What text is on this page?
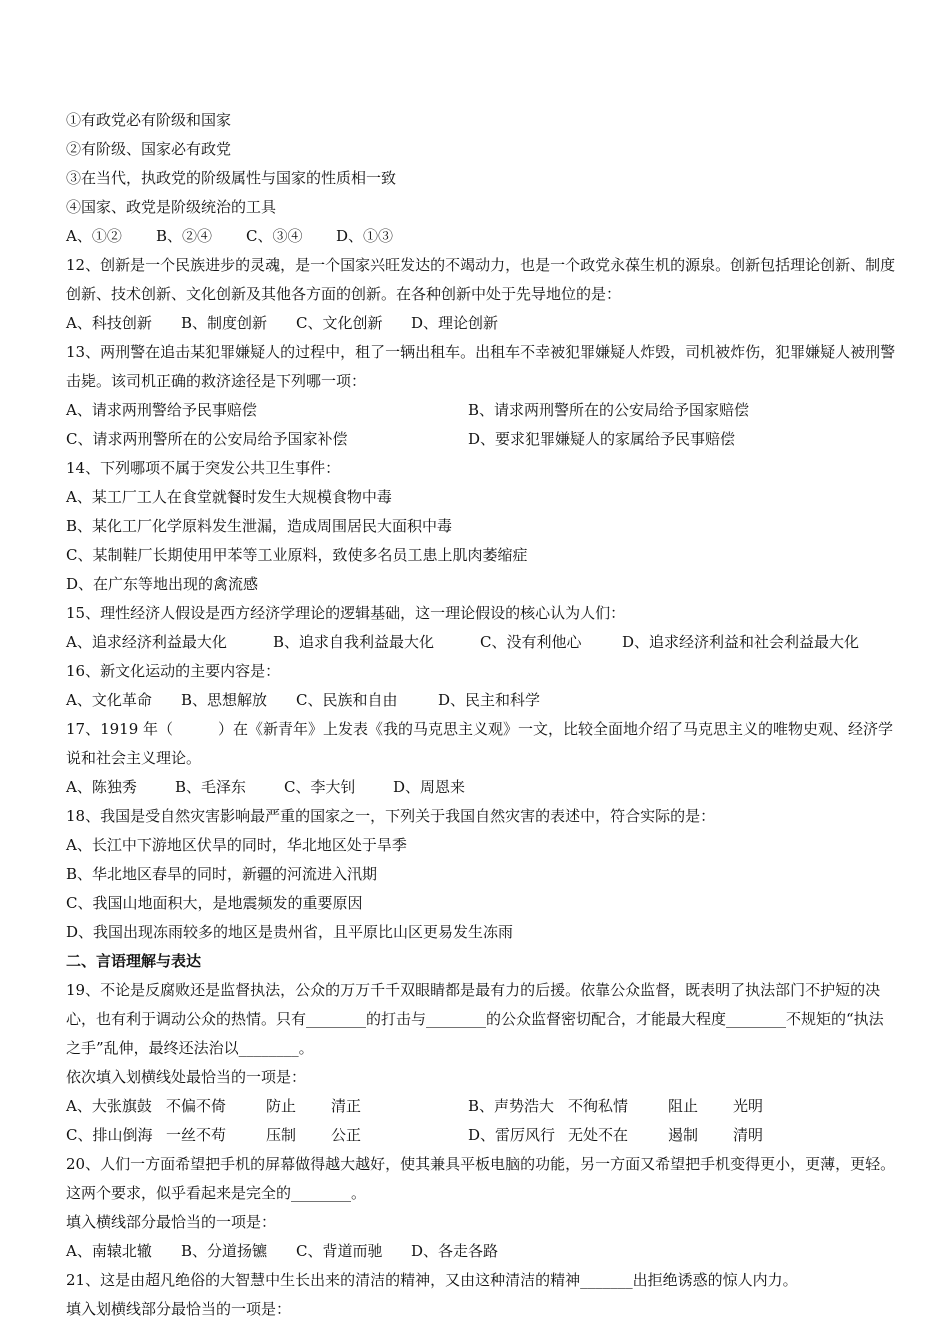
①有政党必有阶级和国家
②有阶级、国家必有政党
③在当代，执政党的阶级属性与国家的性质相一致
④国家、政党是阶级统治的工具
A、①② B、②④ C、③④ D、①③
12、创新是一个民族进步的灵魂，是一个国家兴旺发达的不竭动力，也是一个政党永葆生机的源泉。创新包括理论创新、制度创新、技术创新、文化创新及其他各方面的创新。在各种创新中处于先导地位的是：
A、科技创新 B、制度创新 C、文化创新 D、理论创新
13、两刑警在追击某犯罪嫌疑人的过程中，租了一辆出租车。出租车不幸被犯罪嫌疑人炸毁，司机被炸伤，犯罪嫌疑人被刑警击毙。该司机正确的救济途径是下列哪一项：
A、请求两刑警给予民事赔偿	B、请求两刑警所在的公安局给予国家赔偿
C、请求两刑警所在的公安局给予国家补偿	D、要求犯罪嫌疑人的家属给予民事赔偿
14、下列哪项不属于突发公共卫生事件：
A、某工厂工人在食堂就餐时发生大规模食物中毒
B、某化工厂化学原料发生泄漏，造成周围居民大面积中毒
C、某制鞋厂长期使用甲苯等工业原料，致使多名员工患上肌肉萎缩症
D、在广东等地出现的禽流感
15、理性经济人假设是西方经济学理论的逻辑基础，这一理论假设的核心认为人们：
A、追求经济利益最大化	B、追求自我利益最大化	C、没有利他心	D、追求经济利益和社会利益最大化
16、新文化运动的主要内容是：
A、文化革命 B、思想解放 C、民族和自由	D、民主和科学
17、1919 年（　　　）在《新青年》上发表《我的马克思主义观》一文，比较全面地介绍了马克思主义的唯物史观、经济学说和社会主义理论。
A、陈独秀	B、毛泽东	C、李大钊	D、周恩来
18、我国是受自然灾害影响最严重的国家之一，下列关于我国自然灾害的表述中，符合实际的是：
A、长江中下游地区伏旱的同时，华北地区处于旱季
B、华北地区春旱的同时，新疆的河流进入汛期
C、我国山地面积大，是地震频发的重要原因
D、我国出现冻雨较多的地区是贵州省，且平原比山区更易发生冻雨
二、言语理解与表达
19、不论是反腐败还是监督执法，公众的万万千千双眼睛都是最有力的后援。依靠公众监督，既表明了执法部门不护短的决心，也有利于调动公众的热情。只有________的打击与________的公众监督密切配合，才能最大程度________不规矩的“执法之手”乱伸，最终还法治以________。
依次填入划横线处最恰当的一项是：
A、大张旗鼓 不偏不倚	防止 清正	B、声势浩大 不徇私情	阻止 光明
C、排山倒海 一丝不苟	压制 公正	D、雷厉风行 无处不在	遏制 清明
20、人们一方面希望把手机的屏幕做得越大越好，使其兼具平板电脑的功能，另一方面又希望把手机变得更小，更薄，更轻。这两个要求，似乎看起来是完全的________。
填入横线部分最恰当的一项是：
A、南辕北辙 B、分道扬镳 C、背道而驰 D、各走各路
21、这是由超凡绝俗的大智慧中生长出来的清洁的精神，又由这种清洁的精神_______出拒绝诱惑的惊人内力。
填入划横线部分最恰当的一项是：
